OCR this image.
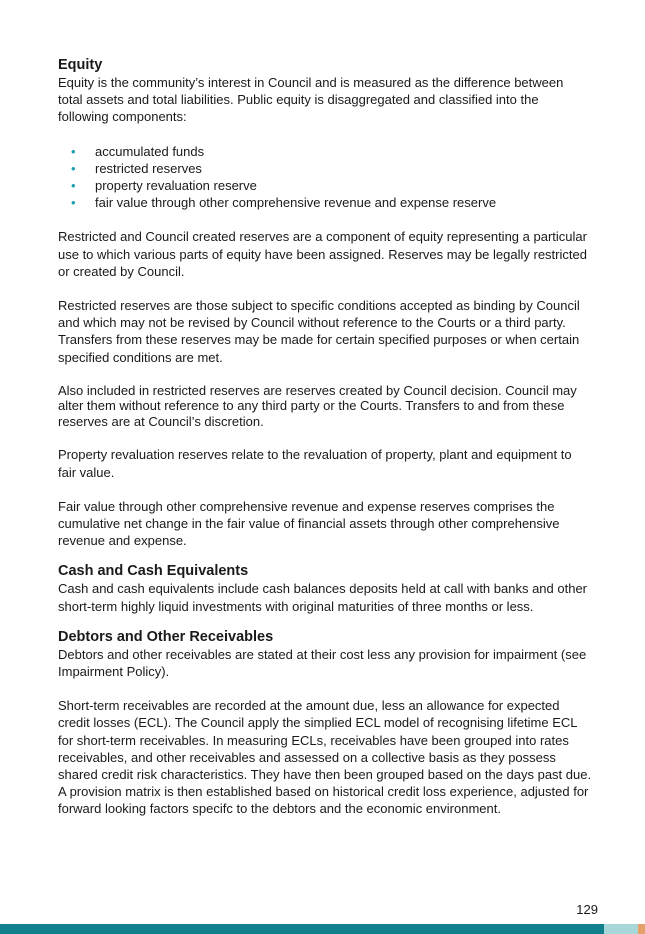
Equity

Equity is the community’s interest in Council and is measured as the difference between
total assets and total liabilities. Public equity is disaggregated and classified into the
following components:

• accumulated funds
• restricted reserves
• property revaluation reserve
• fair value through other comprehensive revenue and expense reserve

Restricted and Council created reserves are a component of equity representing a particular
use to which various parts of equity have been assigned. Reserves may be legally restricted
or created by Council.

Restricted reserves are those subject to specific conditions accepted as binding by Council
and which may not be revised by Council without reference to the Courts or a third party.
Transfers from these reserves may be made for certain specified purposes or when certain
specified conditions are met.

Also included in restricted reserves are reserves created by Council decision. Council may
alter them without reference to any third party or the Courts. Transfers to and from these
reserves are at Council’s discretion.

Property revaluation reserves relate to the revaluation of property, plant and equipment to
fair value.

Fair value through other comprehensive revenue and expense reserves comprises the
cumulative net change in the fair value of financial assets through other comprehensive
revenue and expense.

Cash and Cash Equivalents

Cash and cash equivalents include cash balances deposits held at call with banks and other
short-term highly liquid investments with original maturities of three months or less.

Debtors and Other Receivables

Debtors and other receivables are stated at their cost less any provision for impairment (see
Impairment Policy).

Short-term receivables are recorded at the amount due, less an allowance for expected
credit losses (ECL). The Council apply the simplied ECL model of recognising lifetime ECL
for short-term receivables. In measuring ECLs, receivables have been grouped into rates
receivables, and other receivables and assessed on a collective basis as they possess
shared credit risk characteristics. They have then been grouped based on the days past due.
A provision matrix is then established based on historical credit loss experience, adjusted for
forward looking factors specifc to the debtors and the economic environment.

129
